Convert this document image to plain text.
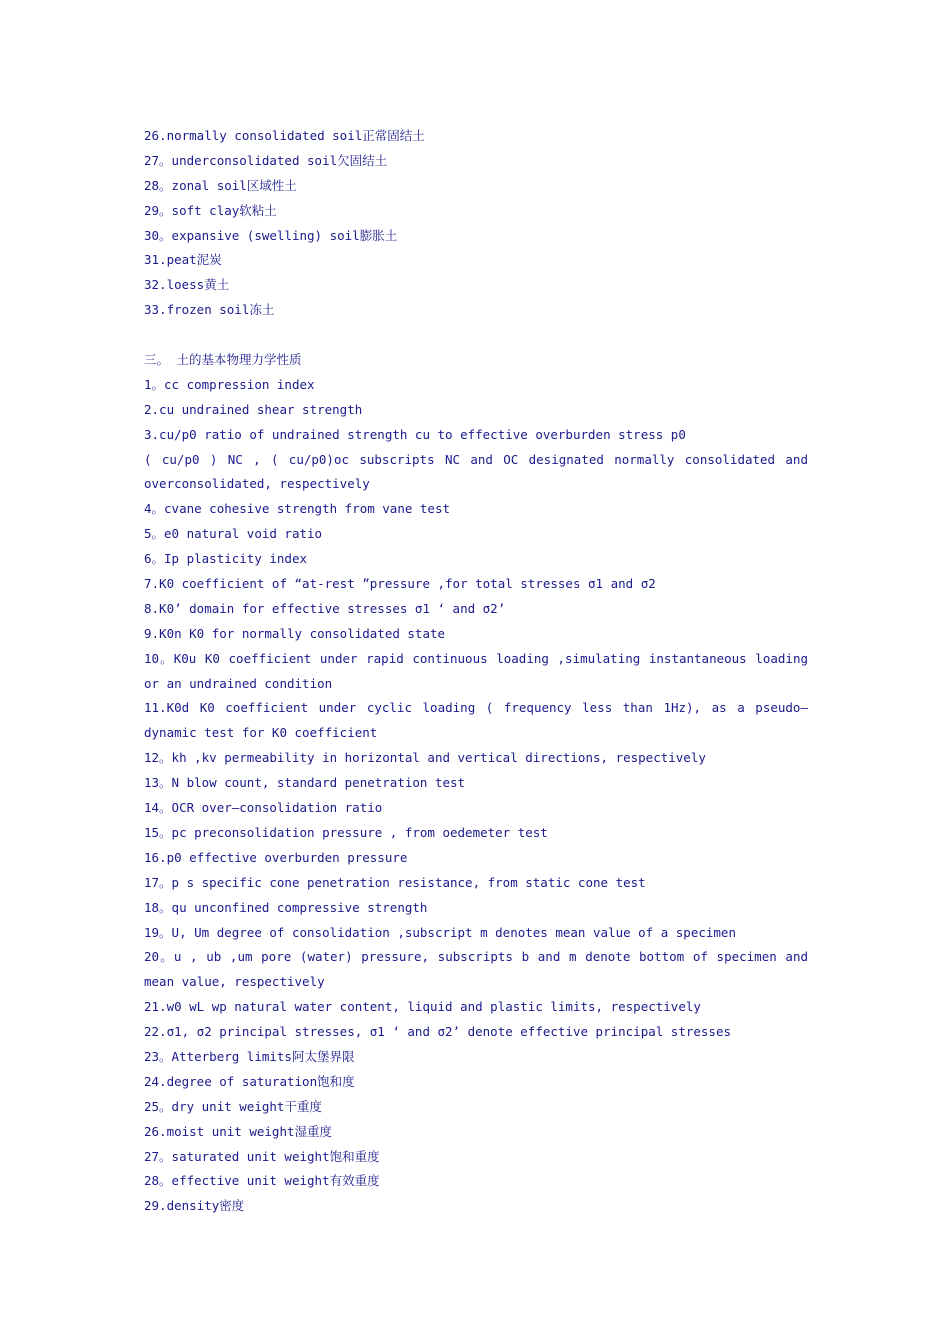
26.normally consolidated soil正常固结土
27。underconsolidated soil欠固结土
28。zonal soil区域性土
29。soft clay软粘土
30。expansive (swelling) soil膨胀土
31.peat泥炭
32.loess黄土
33.frozen soil冻土
三。 土的基本物理力学性质
1。cc compression index
2.cu undrained shear strength
3.cu/p0 ratio of undrained strength cu to effective overburden stress p0
( cu/p0 ) NC , ( cu/p0)oc subscripts NC and OC designated normally consolidated and
overconsolidated, respectively
4。cvane cohesive strength from vane test
5。e0 natural void ratio
6。Ip plasticity index
7.K0 coefficient of “at-rest ”pressure ,for total stresses σ1 and σ2
8.K0’ domain for effective stresses σ1 ‘ and σ2’
9.K0n K0 for normally consolidated state
10。K0u K0 coefficient under rapid continuous loading ,simulating instantaneous loading
or an undrained condition
11.K0d K0 coefficient under cyclic loading ( frequency less than 1Hz), as a pseudo—
dynamic test for K0 coefficient
12。kh ,kv permeability in horizontal and vertical directions, respectively
13。N blow count, standard penetration test
14。OCR over—consolidation ratio
15。pc preconsolidation pressure , from oedemeter test
16.p0 effective overburden pressure
17。p s specific cone penetration resistance, from static cone test
18。qu unconfined compressive strength
19。U, Um degree of consolidation ,subscript m denotes mean value of a specimen
20。u , ub ,um pore (water) pressure, subscripts b and m denote bottom of specimen and
mean value, respectively
21.w0 wL wp natural water content, liquid and plastic limits, respectively
22.σ1, σ2 principal stresses, σ1 ‘ and σ2’ denote effective principal stresses
23。Atterberg limits阿太堡界限
24.degree of saturation饱和度
25。dry unit weight干重度
26.moist unit weight湿重度
27。saturated unit weight饱和重度
28。effective unit weight有效重度
29.density密度
